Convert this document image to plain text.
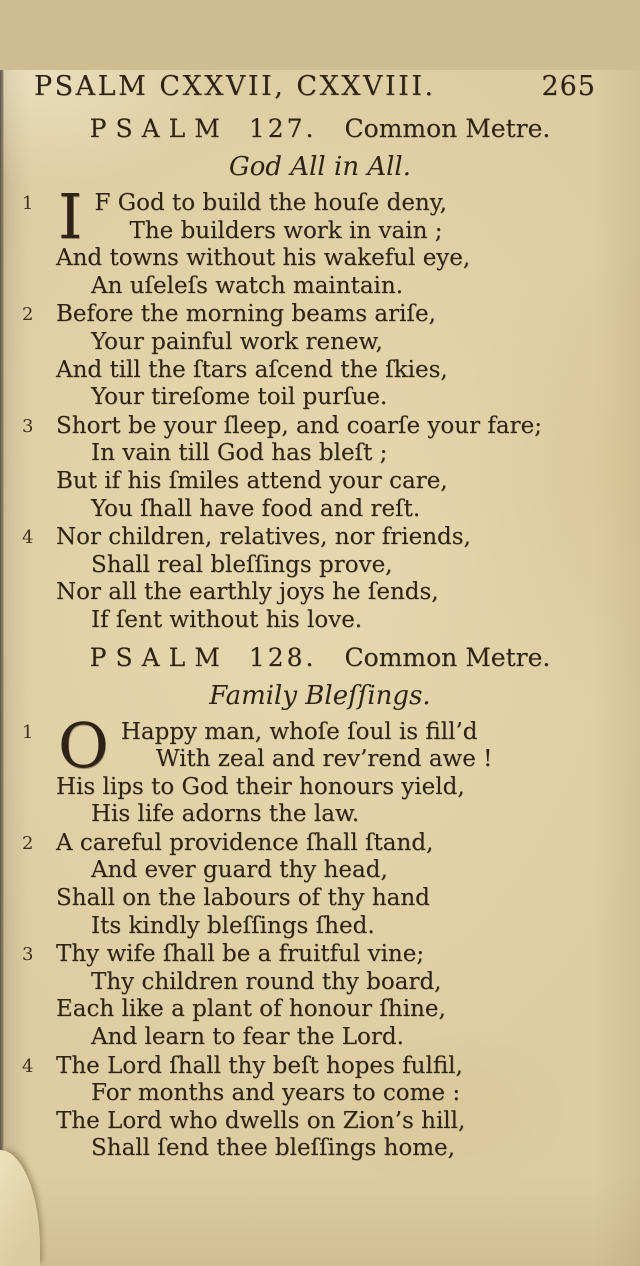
PSALM CXXVII, CXXVIII.	265
PSALM 127. Common Metre.
God All in All.
1 I F God to build the houſe deny,
The builders work in vain ;
And towns without his wakeful eye,
An uſeleſs watch maintain.
2 Before the morning beams ariſe,
Your painful work renew,
And till the ſtars aſcend the ſkies,
Your tireſome toil purſue.
3 Short be your ſleep, and coarſe your fare;
In vain till God has bleſt ;
But if his ſmiles attend your care,
You ſhall have food and reſt.
4 Nor children, relatives, nor friends,
Shall real bleſſings prove,
Nor all the earthly joys he ſends,
If ſent without his love.
PSALM 128. Common Metre.
Family Bleſſings.
1 O Happy man, whoſe ſoul is fill’d
With zeal and rev’rend awe !
His lips to God their honours yield,
His life adorns the law.
2 A careful providence ſhall ſtand,
And ever guard thy head,
Shall on the labours of thy hand
Its kindly bleſſings ſhed.
3 Thy wife ſhall be a fruitful vine;
Thy children round thy board,
Each like a plant of honour ſhine,
And learn to fear the Lord.
4 The Lord ſhall thy beſt hopes fulfil,
For months and years to come :
The Lord who dwells on Zion’s hill,
Shall ſend thee bleſſings home,
